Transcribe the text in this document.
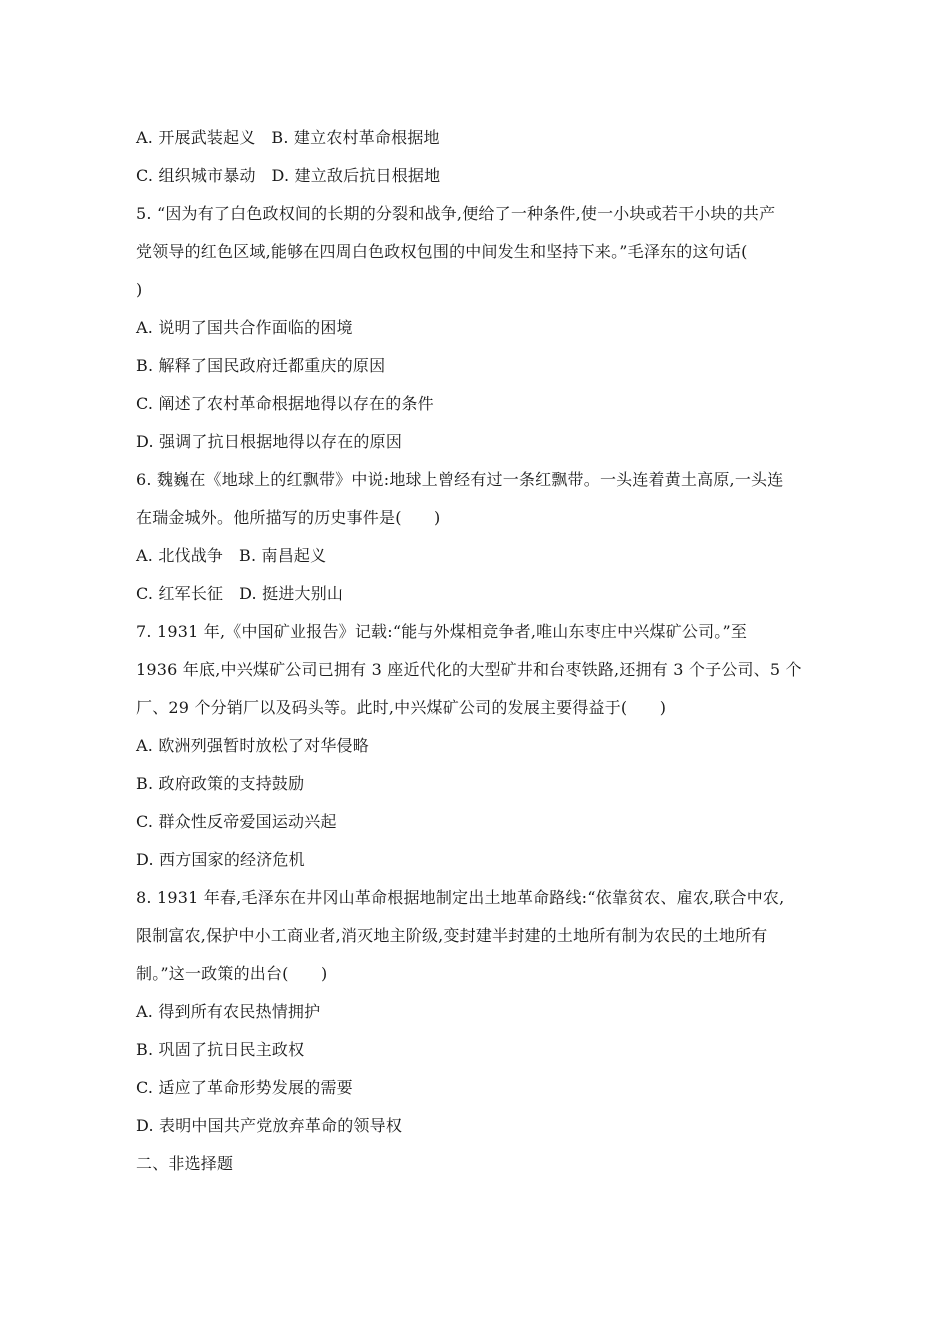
A. 开展武装起义   B. 建立农村革命根据地
C. 组织城市暴动   D. 建立敌后抗日根据地
5. “因为有了白色政权间的长期的分裂和战争,便给了一种条件,使一小块或若干小块的共产
党领导的红色区域,能够在四周白色政权包围的中间发生和坚持下来。”毛泽东的这句话(
)
A. 说明了国共合作面临的困境
B. 解释了国民政府迁都重庆的原因
C. 阐述了农村革命根据地得以存在的条件
D. 强调了抗日根据地得以存在的原因
6. 魏巍在《地球上的红飘带》中说:地球上曾经有过一条红飘带。一头连着黄土高原,一头连
在瑞金城外。他所描写的历史事件是(　　)
A. 北伐战争   B. 南昌起义
C. 红军长征   D. 挺进大别山
7. 1931 年,《中国矿业报告》记载:“能与外煤相竞争者,唯山东枣庄中兴煤矿公司。”至
1936 年底,中兴煤矿公司已拥有 3 座近代化的大型矿井和台枣铁路,还拥有 3 个子公司、5 个
厂、29 个分销厂以及码头等。此时,中兴煤矿公司的发展主要得益于(　　)
A. 欧洲列强暂时放松了对华侵略
B. 政府政策的支持鼓励
C. 群众性反帝爱国运动兴起
D. 西方国家的经济危机
8. 1931 年春,毛泽东在井冈山革命根据地制定出土地革命路线:“依靠贫农、雇农,联合中农,
限制富农,保护中小工商业者,消灭地主阶级,变封建半封建的土地所有制为农民的土地所有
制。”这一政策的出台(　　)
A. 得到所有农民热情拥护
B. 巩固了抗日民主政权
C. 适应了革命形势发展的需要
D. 表明中国共产党放弃革命的领导权
二、非选择题
